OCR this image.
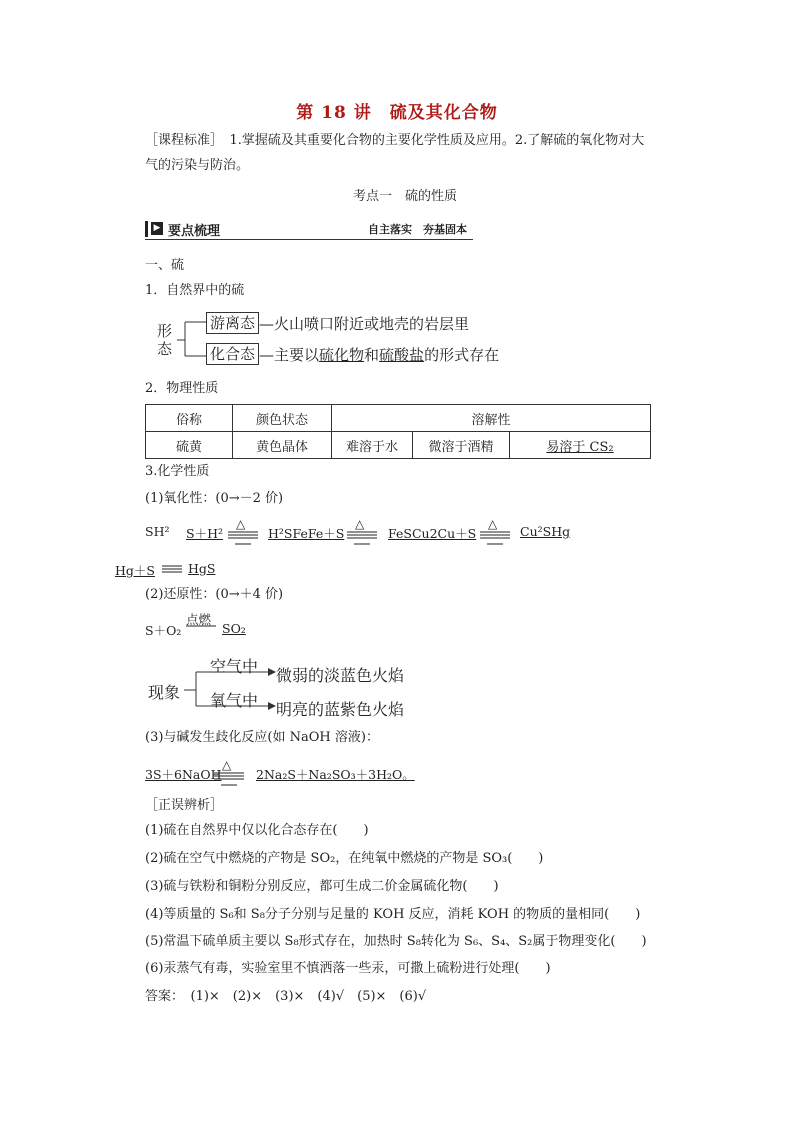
第 18 讲　硫及其化合物
［课程标准］　1.掌握硫及其重要化合物的主要化学性质及应用。2.了解硫的氧化物对大
气的污染与防治。
考点一　硫的性质
▶ 要点梳理	自主落实　夯基固本
一、硫
1．自然界中的硫
形
态
游离态 —火山喷口附近或地壳的岩层里
化合态 —主要以硫化物和硫酸盐的形式存在
2．物理性质
俗称	颜色状态	溶解性		
硫黄	黄色晶体	难溶于水	微溶于酒精	易溶于 CS₂
3.化学性质
(1)氧化性：(0→－2 价)
SH² S＋H²
△
H²SFeFe＋S
△
FeSCu2Cu＋S
△ Cu²SHg
Hg＋S	HgS
(2)还原性：(0→＋4 价)
S＋O₂
点燃
SO₂
现象
空气中 微弱的淡蓝色火焰
氧气中 明亮的蓝紫色火焰
(3)与碱发生歧化反应(如 NaOH 溶液)：
3S＋6NaOH
△
2Na₂S＋Na₂SO₃＋3H₂O。
［正误辨析］
(1)硫在自然界中仅以化合态存在(　　)
(2)硫在空气中燃烧的产物是 SO₂，在纯氧中燃烧的产物是 SO₃(　　)
(3)硫与铁粉和铜粉分别反应，都可生成二价金属硫化物(　　)
(4)等质量的 S₆和 S₈分子分别与足量的 KOH 反应，消耗 KOH 的物质的量相同(　　)
(5)常温下硫单质主要以 S₈形式存在，加热时 S₈转化为 S₆、S₄、S₂属于物理变化(　　)
(6)汞蒸气有毒，实验室里不慎洒落一些汞，可撒上硫粉进行处理(　　)
答案：　(1)×　(2)×　(3)×　(4)√　(5)×　(6)√
